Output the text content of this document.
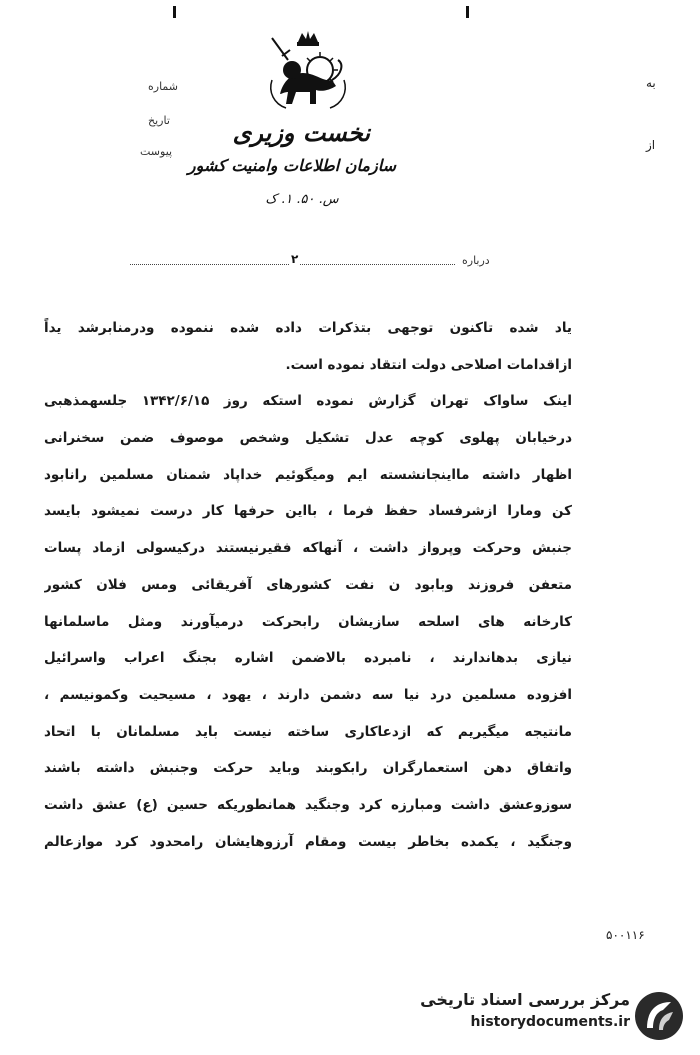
نخست وزیری
سازمان اطلاعات وامنیت کشور
س. ۵۰. ۱. ک
شماره
تاریخ
پیوست
به
از
درباره
۲
یاد شده تاکنون توجهی بتذکرات داده شده ننموده ودرمنابرشد یداً
ازاقدامات اصلاحی دولت انتقاد نموده است.
اینک ساواک تهران گزارش نموده استکه روز ۱۳۴۲/۶/۱۵ جلسهمذهبی
درخیابان پهلوی کوچه عدل تشکیل وشخص موصوف ضمن سخنرانی
اظهار داشته مااینجانشسته ایم ومیگوئیم خداپاد شمنان مسلمین رانابود
کن ومارا ازشرفساد حفظ فرما ، بااین حرفها کار درست نمیشود بایسد
جنبش وحرکت وپرواز داشت ، آنهاکه فقیرنیستند درکیسولی ازماد پسات
متعفن فروزند وبابود ن نفت کشورهای آفریقائی ومس فلان کشور
کارخانه های اسلحه سازیشان رابحرکت درمیآورند ومثل ماسلمانها
نیازی بدهاندارند ، نامبرده بالاضمن اشاره بجنگ اعراب واسرائیل
افزوده مسلمین درد نیا سه دشمن دارند ، یهود ، مسیحیت وکمونیسم ،
مانتیجه میگیریم که ازدعاکاری ساخته نیست باید مسلمانان با اتحاد
واتفاق دهن استعمارگران رابکوبند وباید حرکت وجنبش داشته باشند
سوزوعشق داشت ومبارزه کرد وجنگید همانطوریکه حسین (ع) عشق داشت
وجنگید ، یکمده بخاطر بیست ومقام آرزوهایشان رامحدود کرد موازعالم
۵۰۰۱۱۶
مرکز بررسی اسناد تاریخی
historydocuments.ir
